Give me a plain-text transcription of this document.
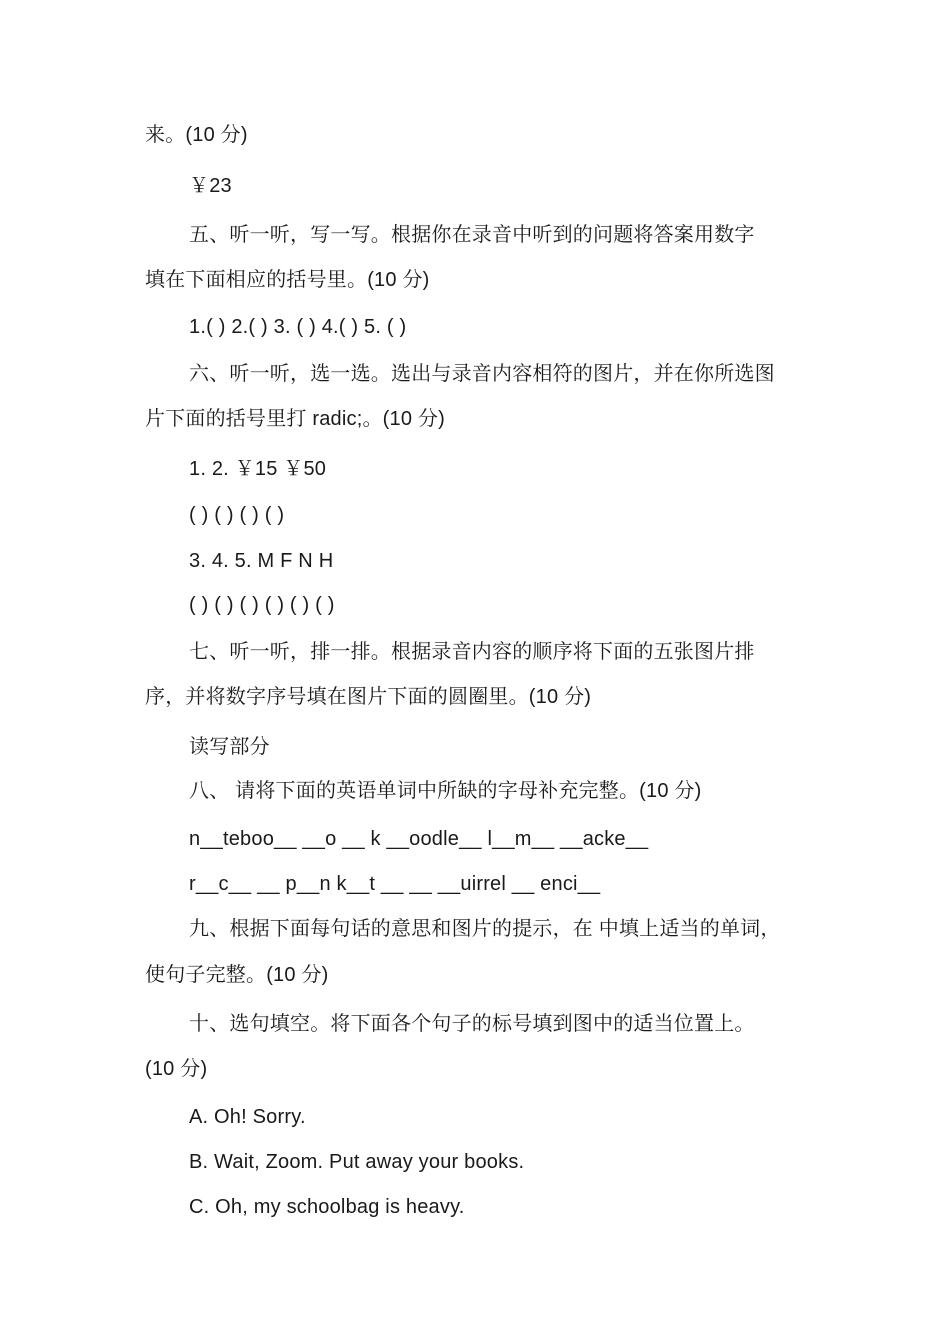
来。(10 分)
￥23
五、听一听，写一写。根据你在录音中听到的问题将答案用数字
填在下面相应的括号里。(10 分)
1.( ) 2.( ) 3. ( ) 4.( ) 5. ( )
六、听一听，选一选。选出与录音内容相符的图片，并在你所选图
片下面的括号里打 radic;。(10 分)
1. 2. ￥15 ￥50
( ) ( ) ( ) ( )
3. 4. 5. M F N H
( ) ( ) ( ) ( ) ( ) ( )
七、听一听，排一排。根据录音内容的顺序将下面的五张图片排
序，并将数字序号填在图片下面的圆圈里。(10 分)
读写部分
八、 请将下面的英语单词中所缺的字母补充完整。(10 分)
n__teboo__ __o __ k __oodle__ l__m__ __acke__
r__c__ __ p__n k__t __ __ __uirrel __ enci__
九、根据下面每句话的意思和图片的提示，在 中填上适当的单词，
使句子完整。(10 分)
十、选句填空。将下面各个句子的标号填到图中的适当位置上。
(10 分)
A. Oh! Sorry.
B. Wait, Zoom. Put away your books.
C. Oh, my schoolbag is heavy.
